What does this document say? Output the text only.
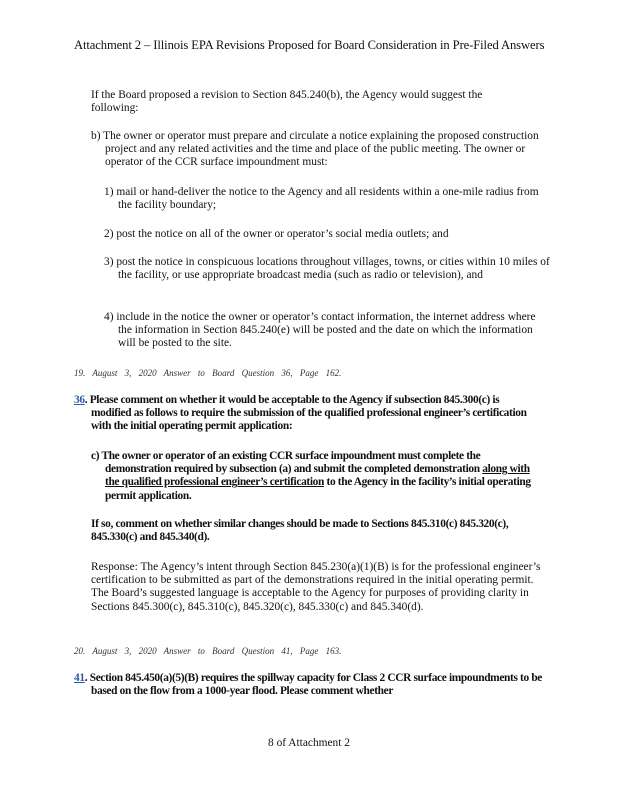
Attachment 2 – Illinois EPA Revisions Proposed for Board Consideration in Pre-Filed Answers
If the Board proposed a revision to Section 845.240(b), the Agency would suggest the following:
b) The owner or operator must prepare and circulate a notice explaining the proposed construction project and any related activities and the time and place of the public meeting. The owner or operator of the CCR surface impoundment must:
1) mail or hand-deliver the notice to the Agency and all residents within a one-mile radius from the facility boundary;
2) post the notice on all of the owner or operator’s social media outlets; and
3) post the notice in conspicuous locations throughout villages, towns, or cities within 10 miles of the facility, or use appropriate broadcast media (such as radio or television), and
4) include in the notice the owner or operator’s contact information, the internet address where the information in Section 845.240(e) will be posted and the date on which the information will be posted to the site.
19. August 3, 2020 Answer to Board Question 36, Page 162.
36. Please comment on whether it would be acceptable to the Agency if subsection 845.300(c) is modified as follows to require the submission of the qualified professional engineer’s certification with the initial operating permit application:
c) The owner or operator of an existing CCR surface impoundment must complete the demonstration required by subsection (a) and submit the completed demonstration along with the qualified professional engineer’s certification to the Agency in the facility’s initial operating permit application.
If so, comment on whether similar changes should be made to Sections 845.310(c) 845.320(c), 845.330(c) and 845.340(d).
Response: The Agency’s intent through Section 845.230(a)(1)(B) is for the professional engineer’s certification to be submitted as part of the demonstrations required in the initial operating permit. The Board’s suggested language is acceptable to the Agency for purposes of providing clarity in Sections 845.300(c), 845.310(c), 845.320(c), 845.330(c) and 845.340(d).
20. August 3, 2020 Answer to Board Question 41, Page 163.
41. Section 845.450(a)(5)(B) requires the spillway capacity for Class 2 CCR surface impoundments to be based on the flow from a 1000-year flood. Please comment whether
8 of Attachment 2
